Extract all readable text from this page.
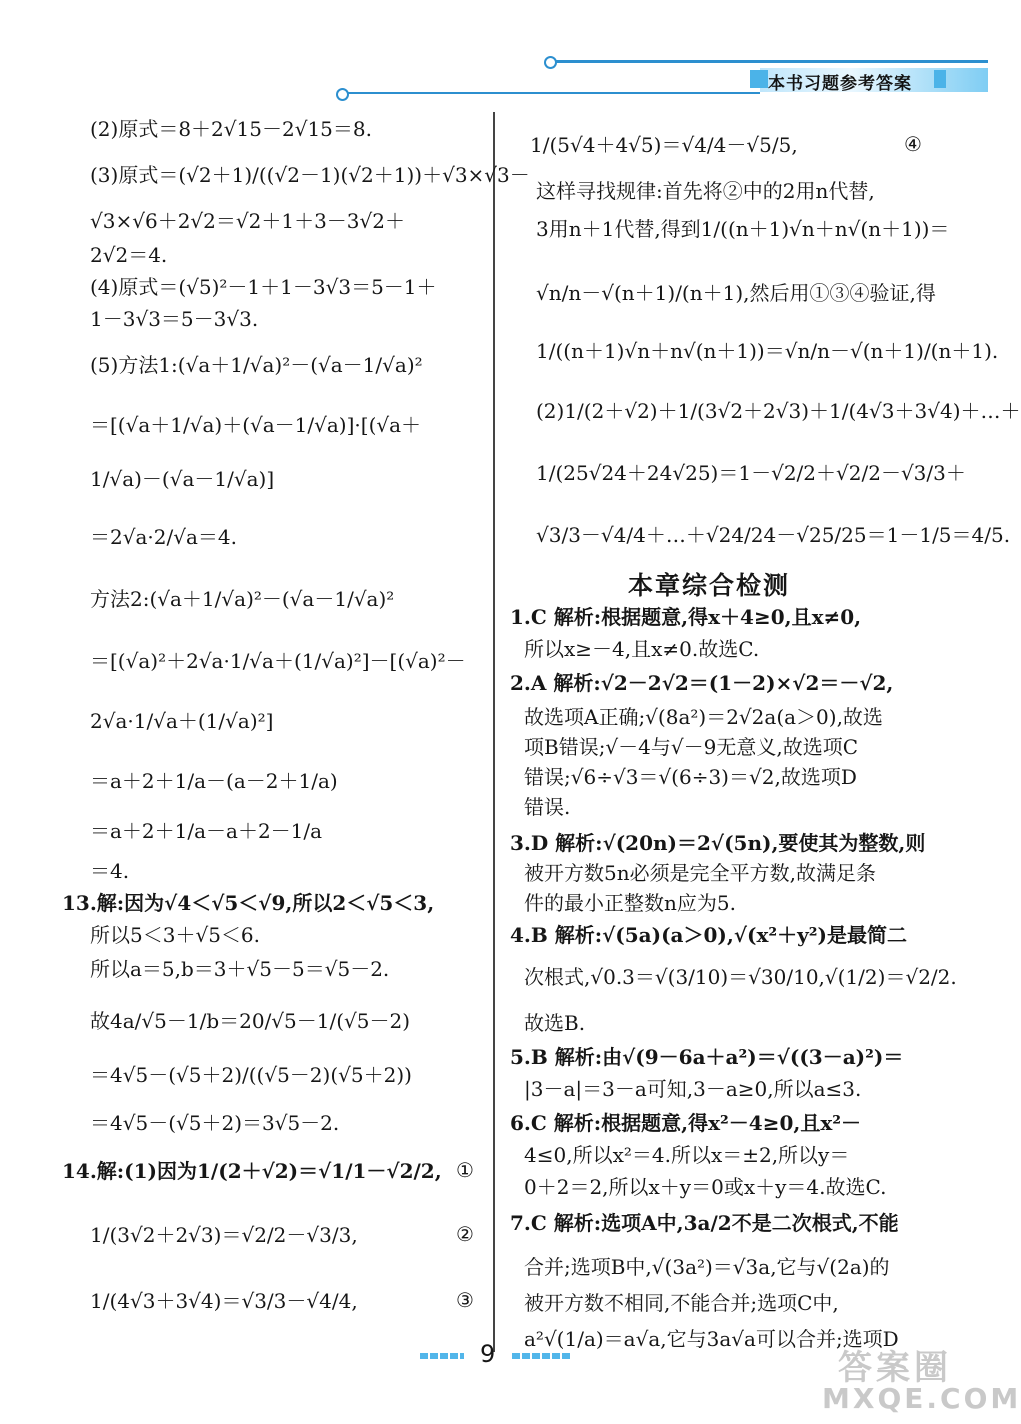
本书习题参考答案
(2)原式＝8＋2√15－2√15＝8.
(3)原式＝(√2＋1)/((√2－1)(√2＋1))＋√3×√3－
√3×√6＋2√2＝√2＋1＋3－3√2＋
2√2＝4.
(4)原式＝(√5)²－1＋1－3√3＝5－1＋
1－3√3＝5－3√3.
(5)方法1:(√a＋1/√a)²－(√a－1/√a)²
＝[(√a＋1/√a)＋(√a－1/√a)]·[(√a＋
1/√a)－(√a－1/√a)]
＝2√a·2/√a＝4.
方法2:(√a＋1/√a)²－(√a－1/√a)²
＝[(√a)²＋2√a·1/√a＋(1/√a)²]－[(√a)²－
2√a·1/√a＋(1/√a)²]
＝a＋2＋1/a－(a－2＋1/a)
＝a＋2＋1/a－a＋2－1/a
＝4.
13.解:因为√4＜√5＜√9,所以2＜√5＜3,
所以5＜3＋√5＜6.
所以a＝5,b＝3＋√5－5＝√5－2.
故4a/√5－1/b＝20/√5－1/(√5－2)
＝4√5－(√5＋2)/((√5－2)(√5＋2))
＝4√5－(√5＋2)＝3√5－2.
14.解:(1)因为1/(2＋√2)＝√1/1－√2/2,
1/(3√2＋2√3)＝√2/2－√3/3,
1/(4√3＋3√4)＝√3/3－√4/4,
①
②
③
1/(5√4＋4√5)＝√4/4－√5/5,	④
这样寻找规律:首先将②中的2用n代替,
3用n＋1代替,得到1/((n＋1)√n＋n√(n＋1))＝
√n/n－√(n＋1)/(n＋1),然后用①③④验证,得
1/((n＋1)√n＋n√(n＋1))＝√n/n－√(n＋1)/(n＋1).
(2)1/(2＋√2)＋1/(3√2＋2√3)＋1/(4√3＋3√4)＋…＋
1/(25√24＋24√25)＝1－√2/2＋√2/2－√3/3＋
√3/3－√4/4＋…＋√24/24－√25/25＝1－1/5＝4/5.
本章综合检测
1.C 解析:根据题意,得x＋4≥0,且x≠0,
所以x≥－4,且x≠0.故选C.
2.A 解析:√2－2√2＝(1－2)×√2＝－√2,
故选项A正确;√(8a²)＝2√2a(a＞0),故选
项B错误;√－4与√－9无意义,故选项C
错误;√6÷√3＝√(6÷3)＝√2,故选项D
错误.
3.D 解析:√(20n)＝2√(5n),要使其为整数,则
被开方数5n必须是完全平方数,故满足条
件的最小正整数n应为5.
4.B 解析:√(5a)(a＞0),√(x²＋y²)是最简二
次根式,√0.3＝√(3/10)＝√30/10,√(1/2)＝√2/2.
故选B.
5.B 解析:由√(9－6a＋a²)＝√((3－a)²)＝
|3－a|＝3－a可知,3－a≥0,所以a≤3.
6.C 解析:根据题意,得x²－4≥0,且x²－
4≤0,所以x²＝4.所以x＝±2,所以y＝
0＋2＝2,所以x＋y＝0或x＋y＝4.故选C.
7.C 解析:选项A中,3a/2不是二次根式,不能
合并;选项B中,√(3a²)＝√3a,它与√(2a)的
被开方数不相同,不能合并;选项C中,
a²√(1/a)＝a√a,它与3a√a可以合并;选项D
9	答案圈
MXQE.COM
